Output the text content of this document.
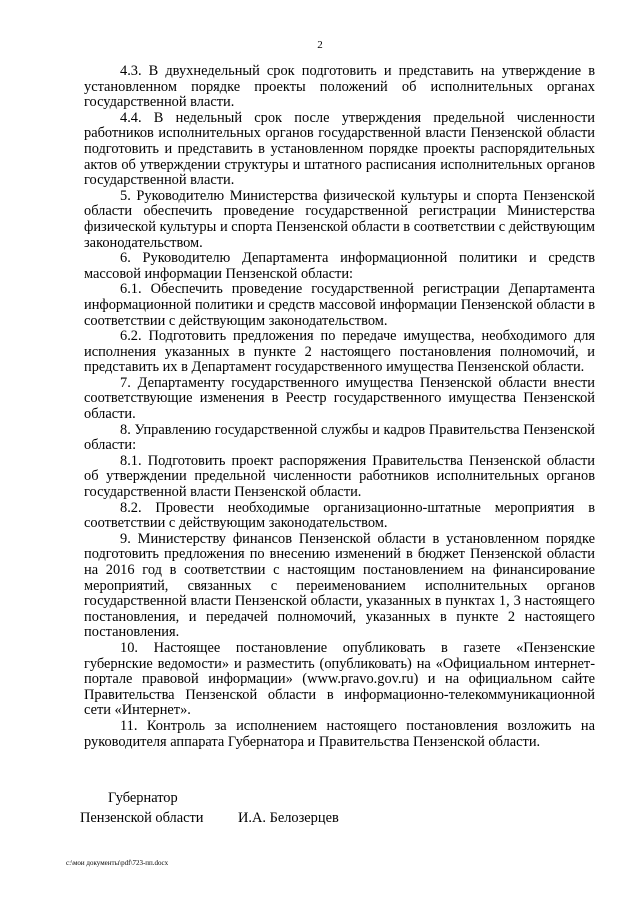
2

4.3. В двухнедельный срок подготовить и представить на утверждение в установленном порядке проекты положений об исполнительных органах государственной власти.

4.4. В недельный срок после утверждения предельной численности работников исполнительных органов государственной власти Пензенской области подготовить и представить в установленном порядке проекты распорядительных актов об утверждении структуры и штатного расписания исполнительных органов государственной власти.

5. Руководителю Министерства физической культуры и спорта Пензенской области обеспечить проведение государственной регистрации Министерства физической культуры и спорта Пензенской области в соответствии с действующим законодательством.

6. Руководителю Департамента информационной политики и средств массовой информации Пензенской области:

6.1. Обеспечить проведение государственной регистрации Департамента информационной политики и средств массовой информации Пензенской области в соответствии с действующим законодательством.

6.2. Подготовить предложения по передаче имущества, необходимого для исполнения указанных в пункте 2 настоящего постановления полномочий, и представить их в Департамент государственного имущества Пензенской области.

7. Департаменту государственного имущества Пензенской области внести соответствующие изменения в Реестр государственного имущества Пензенской области.

8. Управлению государственной службы и кадров Правительства Пензенской области:

8.1. Подготовить проект распоряжения Правительства Пензенской области об утверждении предельной численности работников исполнительных органов государственной власти Пензенской области.

8.2. Провести необходимые организационно-штатные мероприятия в соответствии с действующим законодательством.

9. Министерству финансов Пензенской области в установленном порядке подготовить предложения по внесению изменений в бюджет Пензенской области на 2016 год в соответствии с настоящим постановлением на финансирование мероприятий, связанных с переименованием исполнительных органов государственной власти Пензенской области, указанных в пунктах 1, 3 настоящего постановления, и передачей полномочий, указанных в пункте 2 настоящего постановления.

10. Настоящее постановление опубликовать в газете «Пензенские губернские ведомости» и разместить (опубликовать) на «Официальном интернет-портале правовой информации» (www.pravo.gov.ru) и на официальном сайте Правительства Пензенской области в информационно-телекоммуникационной сети «Интернет».

11. Контроль за исполнением настоящего постановления возложить на руководителя аппарата Губернатора и Правительства Пензенской области.

Губернатор
Пензенской области И.А. Белозерцев
c:\мои документы\pdf\723-пп.docx
